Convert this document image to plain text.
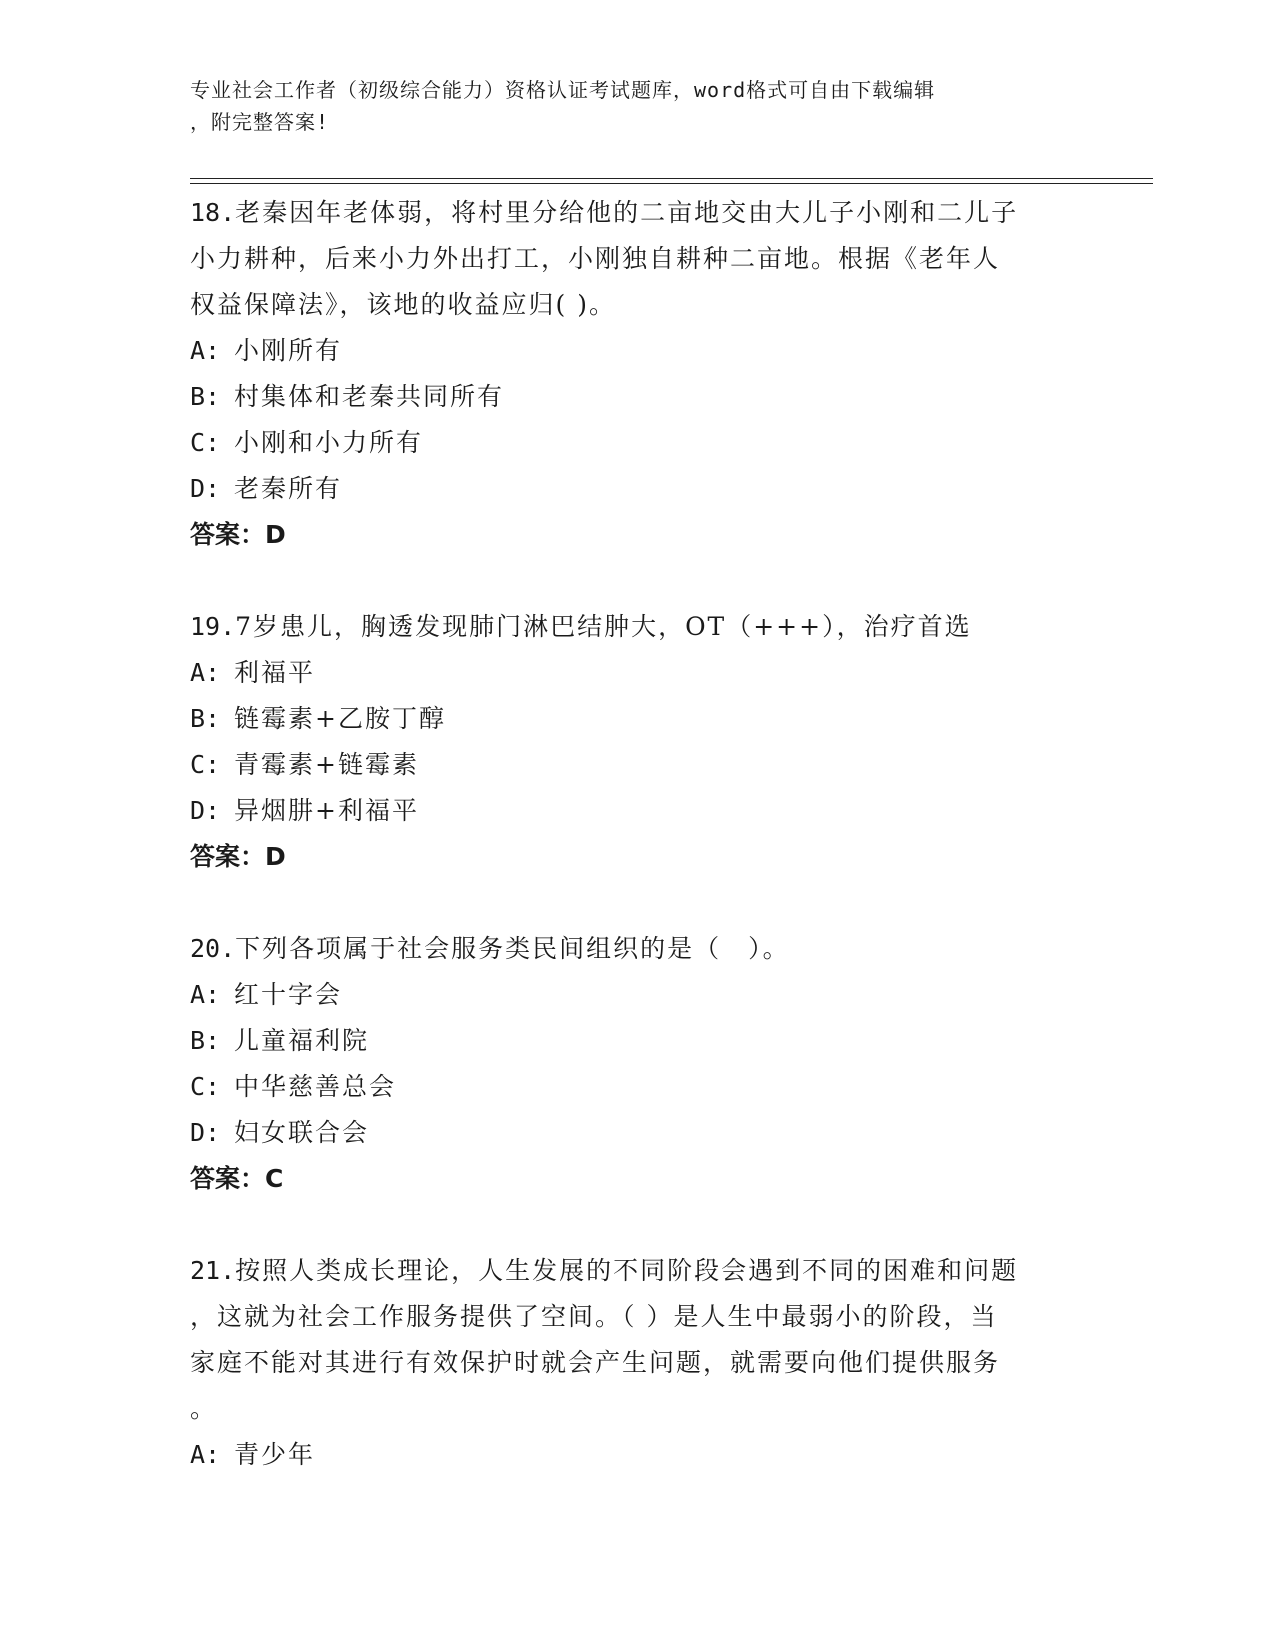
专业社会工作者（初级综合能力）资格认证考试题库，word格式可自由下载编辑

，附完整答案!

18.老秦因年老体弱，将村里分给他的二亩地交由大儿子小刚和二儿子
小力耕种，后来小力外出打工，小刚独自耕种二亩地。根据《老年人
权益保障法》，该地的收益应归( )。
A: 小刚所有
B: 村集体和老秦共同所有
C: 小刚和小力所有
D: 老秦所有
答案：D
19.7岁患儿，胸透发现肺门淋巴结肿大，OT（+++），治疗首选
A: 利福平
B: 链霉素+乙胺丁醇
C: 青霉素+链霉素
D: 异烟肼+利福平
答案：D
20.下列各项属于社会服务类民间组织的是（　）。
A: 红十字会
B: 儿童福利院
C: 中华慈善总会
D: 妇女联合会
答案：C
21.按照人类成长理论，人生发展的不同阶段会遇到不同的困难和问题
，这就为社会工作服务提供了空间。（ ）是人生中最弱小的阶段，当
家庭不能对其进行有效保护时就会产生问题，就需要向他们提供服务
。
A: 青少年
